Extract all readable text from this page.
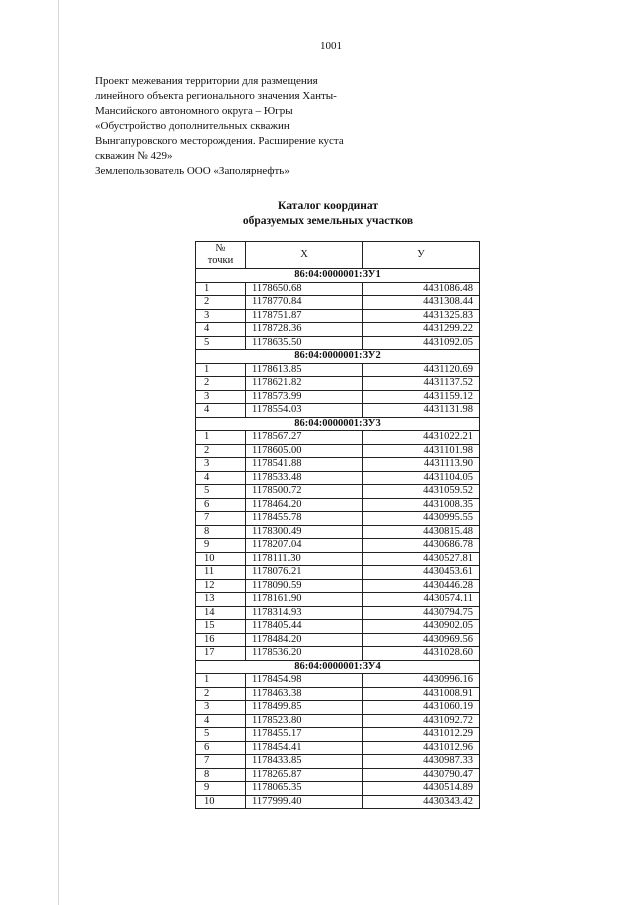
1001
Проект межевания территории для размещения
линейного объекта регионального значения Ханты-
Мансийского автономного округа – Югры
«Обустройство дополнительных скважин
Вынгапуровского месторождения. Расширение куста
скважин № 429»
Землепользователь ООО «Заполярнефть»
Каталог координат
образуемых земельных участков
№
точки	X	У
86:04:0000001:ЗУ1		
1	1178650.68	4431086.48
2	1178770.84	4431308.44
3	1178751.87	4431325.83
4	1178728.36	4431299.22
5	1178635.50	4431092.05
86:04:0000001:ЗУ2		
1	1178613.85	4431120.69
2	1178621.82	4431137.52
3	1178573.99	4431159.12
4	1178554.03	4431131.98
86:04:0000001:ЗУ3		
1	1178567.27	4431022.21
2	1178605.00	4431101.98
3	1178541.88	4431113.90
4	1178533.48	4431104.05
5	1178500.72	4431059.52
6	1178464.20	4431008.35
7	1178455.78	4430995.55
8	1178300.49	4430815.48
9	1178207.04	4430686.78
10	1178111.30	4430527.81
11	1178076.21	4430453.61
12	1178090.59	4430446.28
13	1178161.90	4430574.11
14	1178314.93	4430794.75
15	1178405.44	4430902.05
16	1178484.20	4430969.56
17	1178536.20	4431028.60
86:04:0000001:ЗУ4		
1	1178454.98	4430996.16
2	1178463.38	4431008.91
3	1178499.85	4431060.19
4	1178523.80	4431092.72
5	1178455.17	4431012.29
6	1178454.41	4431012.96
7	1178433.85	4430987.33
8	1178265.87	4430790.47
9	1178065.35	4430514.89
10	1177999.40	4430343.42
